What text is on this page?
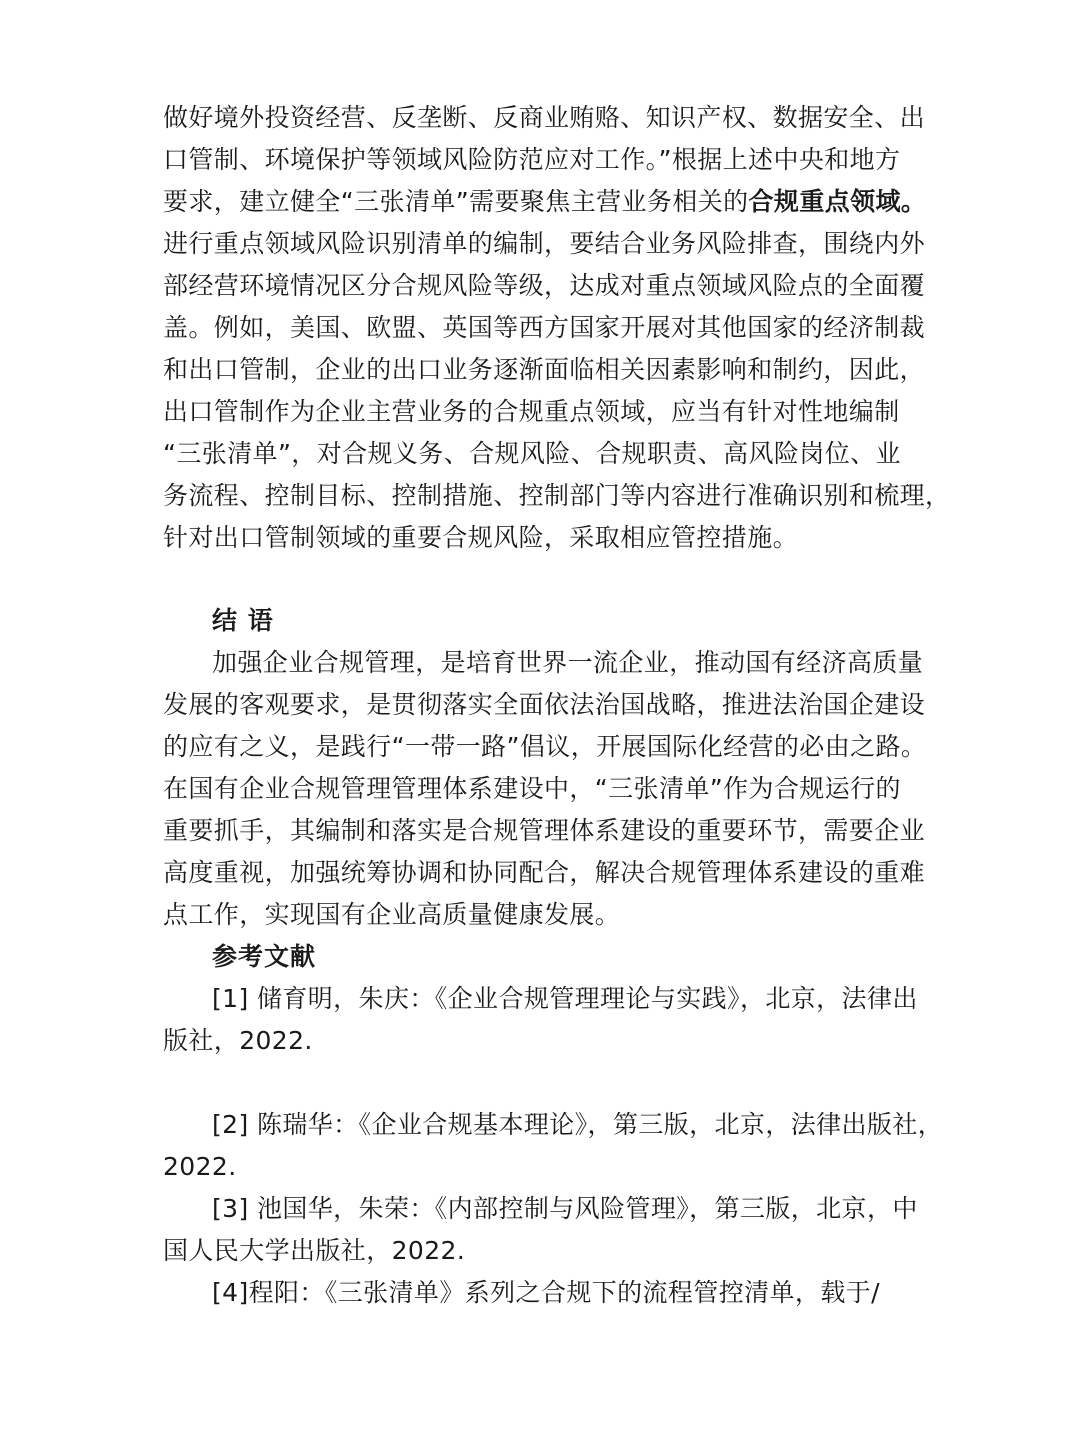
做好境外投资经营、反垄断、反商业贿赂、知识产权、数据安全、出
口管制、环境保护等领域风险防范应对工作。”根据上述中央和地方
要求，建立健全“三张清单”需要聚焦主营业务相关的合规重点领域。
进行重点领域风险识别清单的编制，要结合业务风险排查，围绕内外
部经营环境情况区分合规风险等级，达成对重点领域风险点的全面覆
盖。例如，美国、欧盟、英国等西方国家开展对其他国家的经济制裁
和出口管制，企业的出口业务逐渐面临相关因素影响和制约，因此，
出口管制作为企业主营业务的合规重点领域，应当有针对性地编制
“三张清单”，对合规义务、合规风险、合规职责、高风险岗位、业
务流程、控制目标、控制措施、控制部门等内容进行准确识别和梳理，
针对出口管制领域的重要合规风险，采取相应管控措施。
结 语
加强企业合规管理，是培育世界一流企业，推动国有经济高质量
发展的客观要求，是贯彻落实全面依法治国战略，推进法治国企建设
的应有之义，是践行“一带一路”倡议，开展国际化经营的必由之路。
在国有企业合规管理管理体系建设中，“三张清单”作为合规运行的
重要抓手，其编制和落实是合规管理体系建设的重要环节，需要企业
高度重视，加强统筹协调和协同配合，解决合规管理体系建设的重难
点工作，实现国有企业高质量健康发展。
参考文献
[1] 储育明，朱庆：《企业合规管理理论与实践》，北京，法律出
版社，2022.
[2] 陈瑞华：《企业合规基本理论》，第三版，北京，法律出版社，
2022.
[3] 池国华，朱荣：《内部控制与风险管理》，第三版，北京，中
国人民大学出版社，2022.
[4]程阳：《三张清单》系列之合规下的流程管控清单，载于/
